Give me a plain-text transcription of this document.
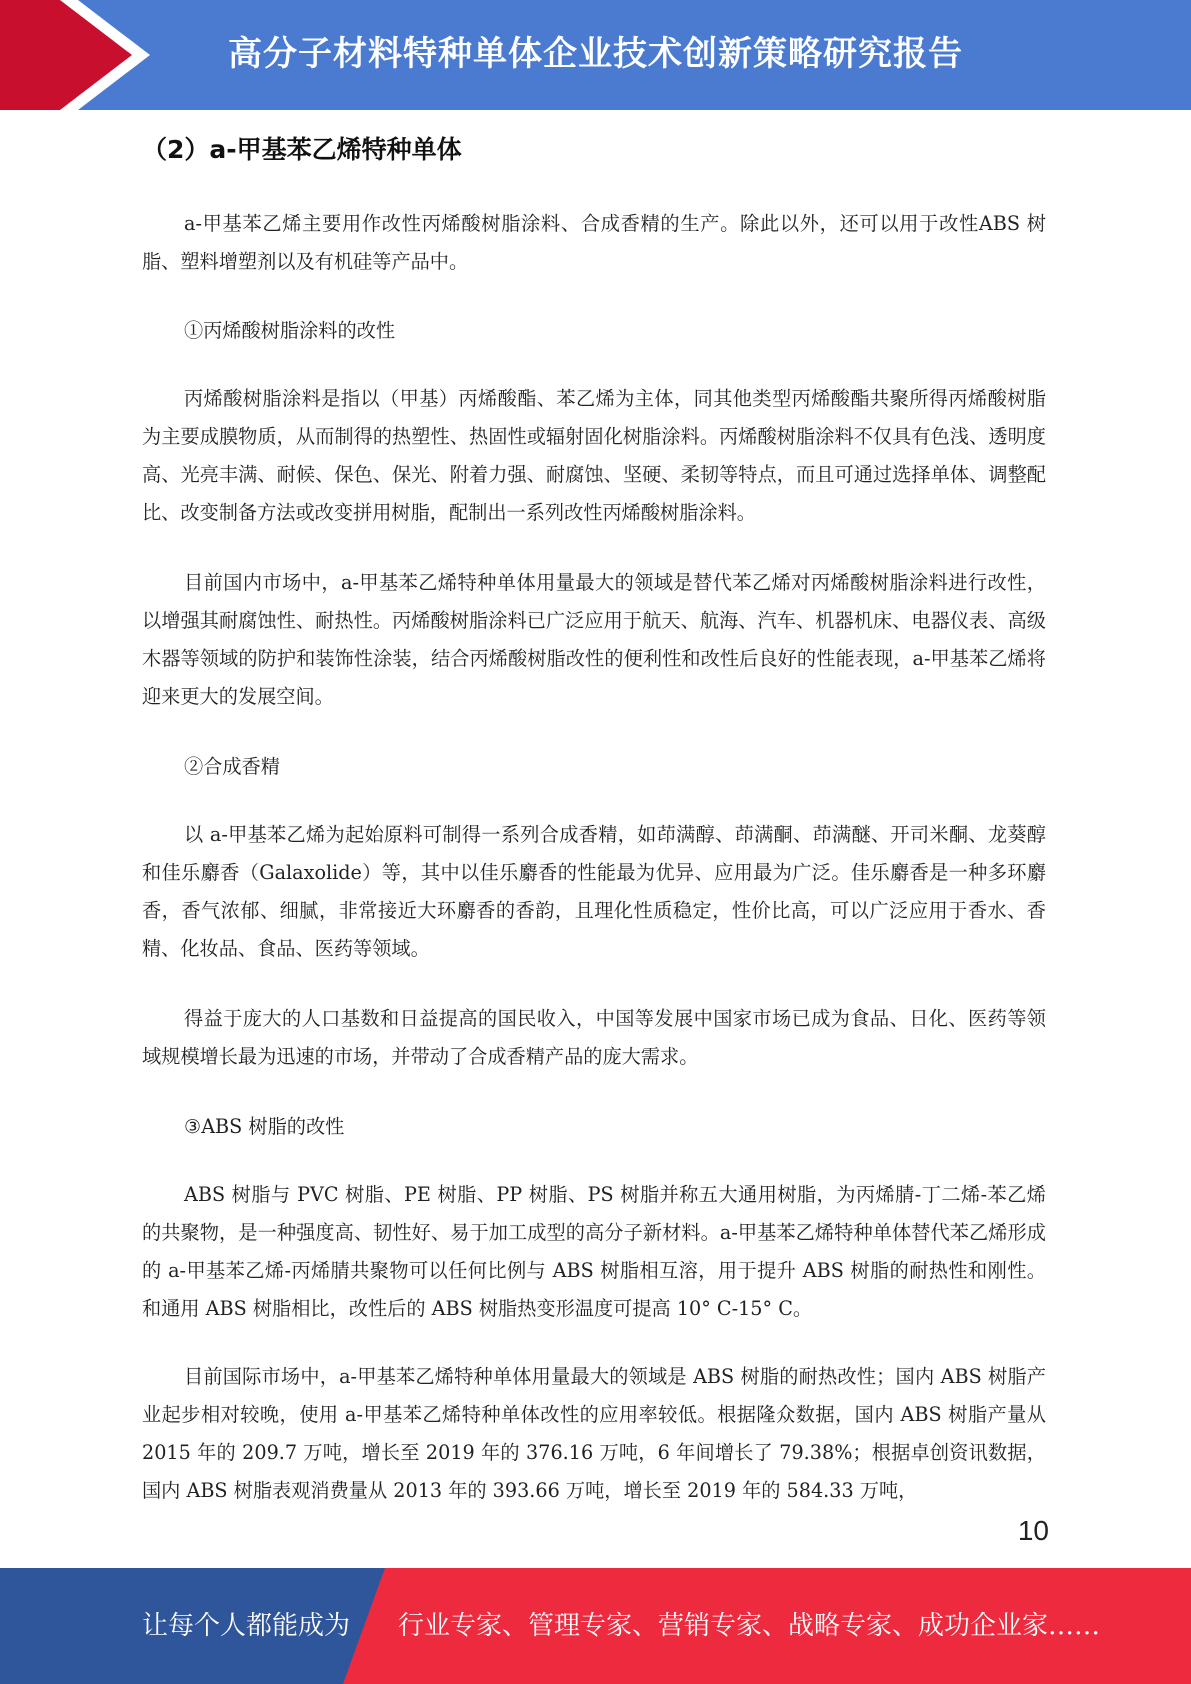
高分子材料特种单体企业技术创新策略研究报告
（2）a-甲基苯乙烯特种单体

a-甲基苯乙烯主要用作改性丙烯酸树脂涂料、合成香精的生产。除此以外，还可以用于改性ABS 树脂、塑料增塑剂以及有机硅等产品中。

①丙烯酸树脂涂料的改性

丙烯酸树脂涂料是指以（甲基）丙烯酸酯、苯乙烯为主体，同其他类型丙烯酸酯共聚所得丙烯酸树脂为主要成膜物质，从而制得的热塑性、热固性或辐射固化树脂涂料。丙烯酸树脂涂料不仅具有色浅、透明度高、光亮丰满、耐候、保色、保光、附着力强、耐腐蚀、坚硬、柔韧等特点，而且可通过选择单体、调整配比、改变制备方法或改变拼用树脂，配制出一系列改性丙烯酸树脂涂料。

目前国内市场中，a-甲基苯乙烯特种单体用量最大的领域是替代苯乙烯对丙烯酸树脂涂料进行改性，以增强其耐腐蚀性、耐热性。丙烯酸树脂涂料已广泛应用于航天、航海、汽车、机器机床、电器仪表、高级木器等领域的防护和装饰性涂装，结合丙烯酸树脂改性的便利性和改性后良好的性能表现，a-甲基苯乙烯将迎来更大的发展空间。

②合成香精

以 a-甲基苯乙烯为起始原料可制得一系列合成香精，如茚满醇、茚满酮、茚满醚、开司米酮、龙葵醇和佳乐麝香（Galaxolide）等，其中以佳乐麝香的性能最为优异、应用最为广泛。佳乐麝香是一种多环麝香，香气浓郁、细腻，非常接近大环麝香的香韵，且理化性质稳定，性价比高，可以广泛应用于香水、香精、化妆品、食品、医药等领域。

得益于庞大的人口基数和日益提高的国民收入，中国等发展中国家市场已成为食品、日化、医药等领域规模增长最为迅速的市场，并带动了合成香精产品的庞大需求。

③ABS 树脂的改性

ABS 树脂与 PVC 树脂、PE 树脂、PP 树脂、PS 树脂并称五大通用树脂，为丙烯腈-丁二烯-苯乙烯的共聚物，是一种强度高、韧性好、易于加工成型的高分子新材料。a-甲基苯乙烯特种单体替代苯乙烯形成的 a-甲基苯乙烯-丙烯腈共聚物可以任何比例与 ABS 树脂相互溶，用于提升 ABS 树脂的耐热性和刚性。和通用 ABS 树脂相比，改性后的 ABS 树脂热变形温度可提高 10° C-15° C。

目前国际市场中，a-甲基苯乙烯特种单体用量最大的领域是 ABS 树脂的耐热改性；国内 ABS 树脂产业起步相对较晚，使用 a-甲基苯乙烯特种单体改性的应用率较低。根据隆众数据，国内 ABS 树脂产量从 2015 年的 209.7 万吨，增长至 2019 年的 376.16 万吨，6 年间增长了 79.38%；根据卓创资讯数据，国内 ABS 树脂表观消费量从 2013 年的 393.66 万吨，增长至 2019 年的 584.33 万吨，

10
让每个人都能成为 行业专家、管理专家、营销专家、战略专家、成功企业家……
